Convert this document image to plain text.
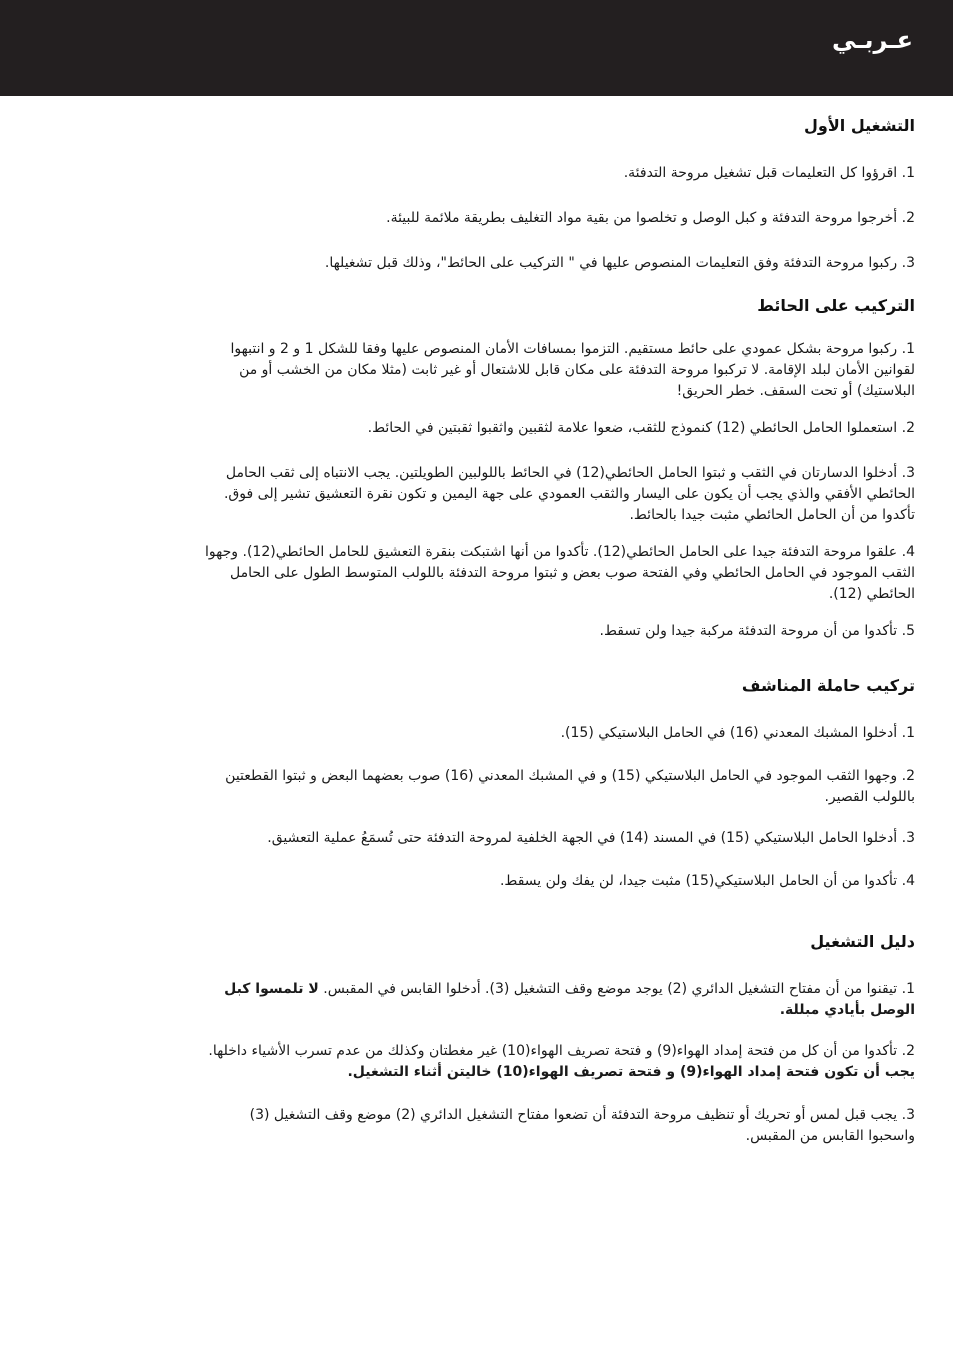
عـربـي
التشغيل الأول

1. اقرؤوا كل التعليمات قبل تشغيل مروحة التدفئة.

2. أخرجوا مروحة التدفئة و كبل الوصل و تخلصوا من بقية مواد التغليف بطريقة ملائمة للبيئة.

3. ركبوا مروحة التدفئة وفق التعليمات المنصوص عليها في " التركيب على الحائط"، وذلك قبل تشغيلها.

التركيب على الحائط

1. ركبوا مروحة بشكل عمودي على حائط مستقيم. التزموا بمسافات الأمان المنصوص عليها وفقا للشكل 1 و 2 و انتبهوا لقوانين الأمان لبلد الإقامة. لا تركبوا مروحة التدفئة على مكان قابل للاشتعال أو غير ثابت (مثلا مكان من الخشب أو من البلاستيك) أو تحت السقف. خطر الحريق!

2. استعملوا الحامل الحائطي (12) كنموذج للثقب، ضعوا علامة لثقبين واثقبوا ثقبتين في الحائط.

3. أدخلوا الدسارتان في الثقب و ثبتوا الحامل الحائطي(12) في الحائط باللولبين الطويلتين. يجب الانتباه إلى ثقب الحامل الحائطي الأفقي والذي يجب أن يكون على اليسار والثقب العمودي على جهة اليمين و تكون نقرة التعشيق تشير إلى فوق. تأكدوا من أن الحامل الحائطي مثبت جيدا بالحائط.

4. علقوا مروحة التدفئة جيدا على الحامل الحائطي(12). تأكدوا من أنها اشتبكت بنقرة التعشيق للحامل الحائطي(12). وجهوا الثقب الموجود في الحامل الحائطي وفي الفتحة صوب بعض و ثبتوا مروحة التدفئة باللولب المتوسط الطول على الحامل الحائطي (12).

5. تأكدوا من أن مروحة التدفئة مركبة جيدا ولن تسقط.

تركيب حاملة المناشف

1. أدخلوا المشبك المعدني (16) في الحامل البلاستيكي (15).

2. وجهوا الثقب الموجود في الحامل البلاستيكي (15) و في المشبك المعدني (16) صوب بعضهما البعض و ثبتوا القطعتين باللولب القصير.

3. أدخلوا الحامل البلاستيكي (15) في المسند (14) في الجهة الخلفية لمروحة التدفئة حتى تُسمَعُ عملية التعشيق.

4. تأكدوا من أن الحامل البلاستيكي(15) مثبت جيدا، لن يفك ولن يسقط.

دليل التشغيل

1. تيقنوا من أن مفتاح التشغيل الدائري (2) يوجد موضع وقف التشغيل (3). أدخلوا القابس في المقبس. لا تلمسوا كبل الوصل بأيادي مبللة.

2. تأكدوا من أن كل من فتحة إمداد الهواء(9) و فتحة تصريف الهواء(10) غير مغطتان وكذلك من عدم تسرب الأشياء داخلها. يجب أن تكون فتحة إمداد الهواء(9) و فتحة تصريف الهواء(10) خاليتن أثناء التشغيل.

3. يجب قبل لمس أو تحريك أو تنظيف مروحة التدفئة أن تضعوا مفتاح التشغيل الدائري (2) موضع وقف التشغيل (3) واسحبوا القابس من المقبس.
